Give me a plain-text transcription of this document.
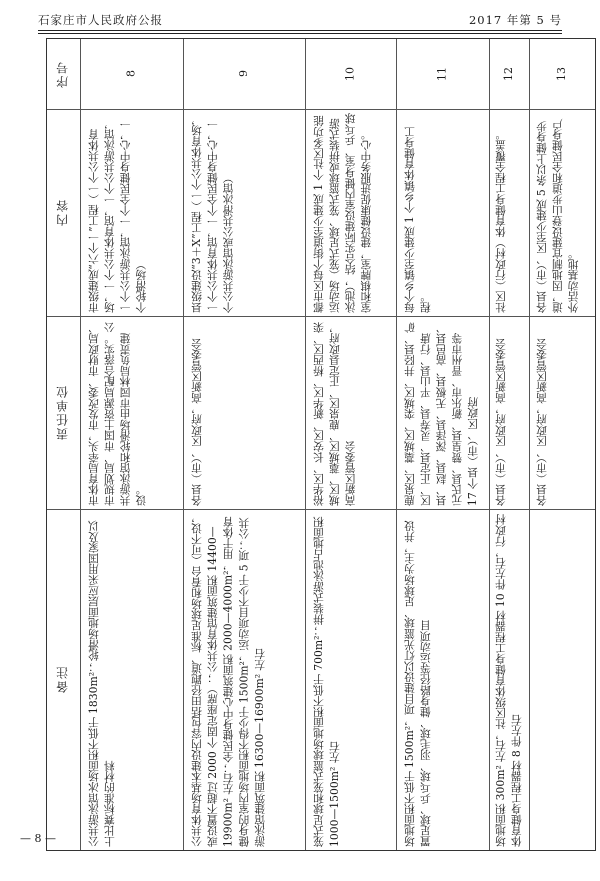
石家庄市人民政府公报	2017 年第 5 号
序号
内容
责任单位
备注
8
市级建成“六个一”工程（一个公共体育场，一个公共体育馆，一个公共游泳馆，一个公共游泳馆，一个全民健身中心，一个轮滑场）
市体育局牵头，市发改委、市财政局、市规划局、市国土资源局配合落实。公共游泳馆和轮滑场由市园林局负责建设。
公共游泳馆冰场面积不低于 1830m²；轮滑场地面层应采用国家及以上比赛标准的材料
9
县级建设“3＋X”工程（一个公共体育场，一个公共体育馆，一个全民健身中心，一个公共游泳馆或公共滑冰馆）
各县（市）、区政府，高新区管委会
公共体育场基本建设内容包括田径跑道、标准足球场和看台（可不设，或设置不超过 2000 个固定座席）；公共体育馆建筑面积 14400—19900m² 左右；全民健身中心建筑面积 2000—4000m²，用于体育健身的室内场地面积不得少于 1500m²，运动项目不少于 5 项；公共游泳馆建筑面积 16300—16900m² 左右
10
都市区每个街道至少建成 1 个社区多功能运动场（笼式足球、笼式篮球或拼装式游泳池），结合实际建设室内健身室、乒乓球室和棋牌室，建设健康促进服务中心。
裕华区、长安区、新华区、桥西区、栾城区、藁城区、鹿泉区、正定县政府，高新区管委会
笼式足球和笼式篮球场地面积不低于 700m²；拼装式游泳池占地面积 1000—1500m² 左右
11
每个乡镇至少建成 1 个乡镇体育健身工程。
鹿泉区、藁城区、栾城区、井陉县、矿区、正定县、灵寿县、平山县、行唐县、赵县、深泽县、无极县、高邑县、元氏县、赞皇县、新乐市、晋州市等 17 个县（市）、区政府
场地面积不低于 1500m²，项目建设以灯光篮球、足球场为主，并设置足球、乒乓球、羽毛球、健身路径等运动项目
12
社区（行政村）体育健身工程全覆盖。
各县（市）、区政府，高新区管委会
场地面积 300m² 左右，社区级体育健身工程器材 10 件左右，行政村体育健身工程器材 8 件左右
13
各县（市）、区至少建成 5 条以上健身步道，因地制宜建设登山步道和全民健身户外活动基地。
各县（市）、区政府，高新区管委会
— 8 —
